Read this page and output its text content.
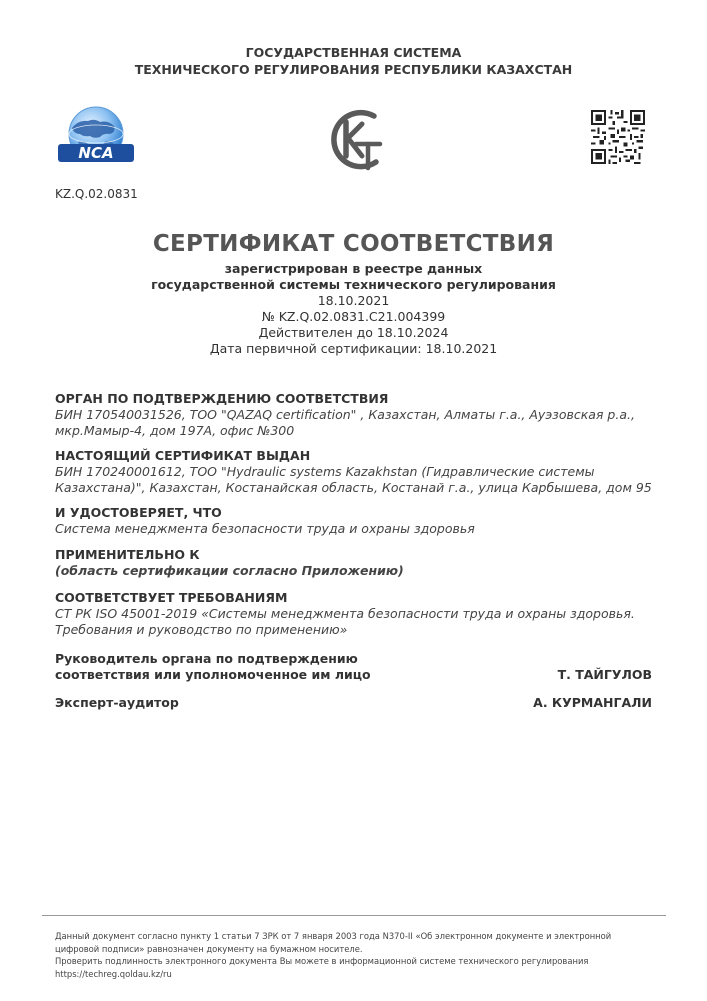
ГОСУДАРСТВЕННАЯ СИСТЕМА
ТЕХНИЧЕСКОГО РЕГУЛИРОВАНИЯ РЕСПУБЛИКИ КАЗАХСТАН
NCA
KZ.Q.02.0831
СЕРТИФИКАТ СООТВЕТСТВИЯ
зарегистрирован в реестре данных
государственной системы технического регулирования
18.10.2021
№ KZ.Q.02.0831.C21.004399
Действителен до 18.10.2024
Дата первичной сертификации: 18.10.2021
ОРГАН ПО ПОДТВЕРЖДЕНИЮ СООТВЕТСТВИЯ
БИН 170540031526, ТОО "QAZAQ certification" , Казахстан, Алматы г.а., Ауэзовская р.а.,
мкр.Мамыр-4, дом 197А, офис №300
НАСТОЯЩИЙ СЕРТИФИКАТ ВЫДАН
БИН 170240001612, ТОО "Hydraulic systems Kazakhstan (Гидравлические системы
Казахстана)", Казахстан, Костанайская область, Костанай г.а., улица Карбышева, дом 95
И УДОСТОВЕРЯЕТ, ЧТО
Система менеджмента безопасности труда и охраны здоровья
ПРИМЕНИТЕЛЬНО К
(область сертификации согласно Приложению)
СООТВЕТСТВУЕТ ТРЕБОВАНИЯМ
СТ РК ISO 45001-2019 «Системы менеджмента безопасности труда и охраны здоровья.
Требования и руководство по применению»
Руководитель органа по подтверждению
соответствия или уполномоченное им лицо	Т. ТАЙГУЛОВ
Эксперт-аудитор	А. КУРМАНГАЛИ
Данный документ согласно пункту 1 статьи 7 ЗРК от 7 января 2003 года N370-II «Об электронном документе и электронной
цифровой подписи» равнозначен документу на бумажном носителе.
Проверить подлинность электронного документа Вы можете в информационной системе технического регулирования
https://techreg.qoldau.kz/ru
